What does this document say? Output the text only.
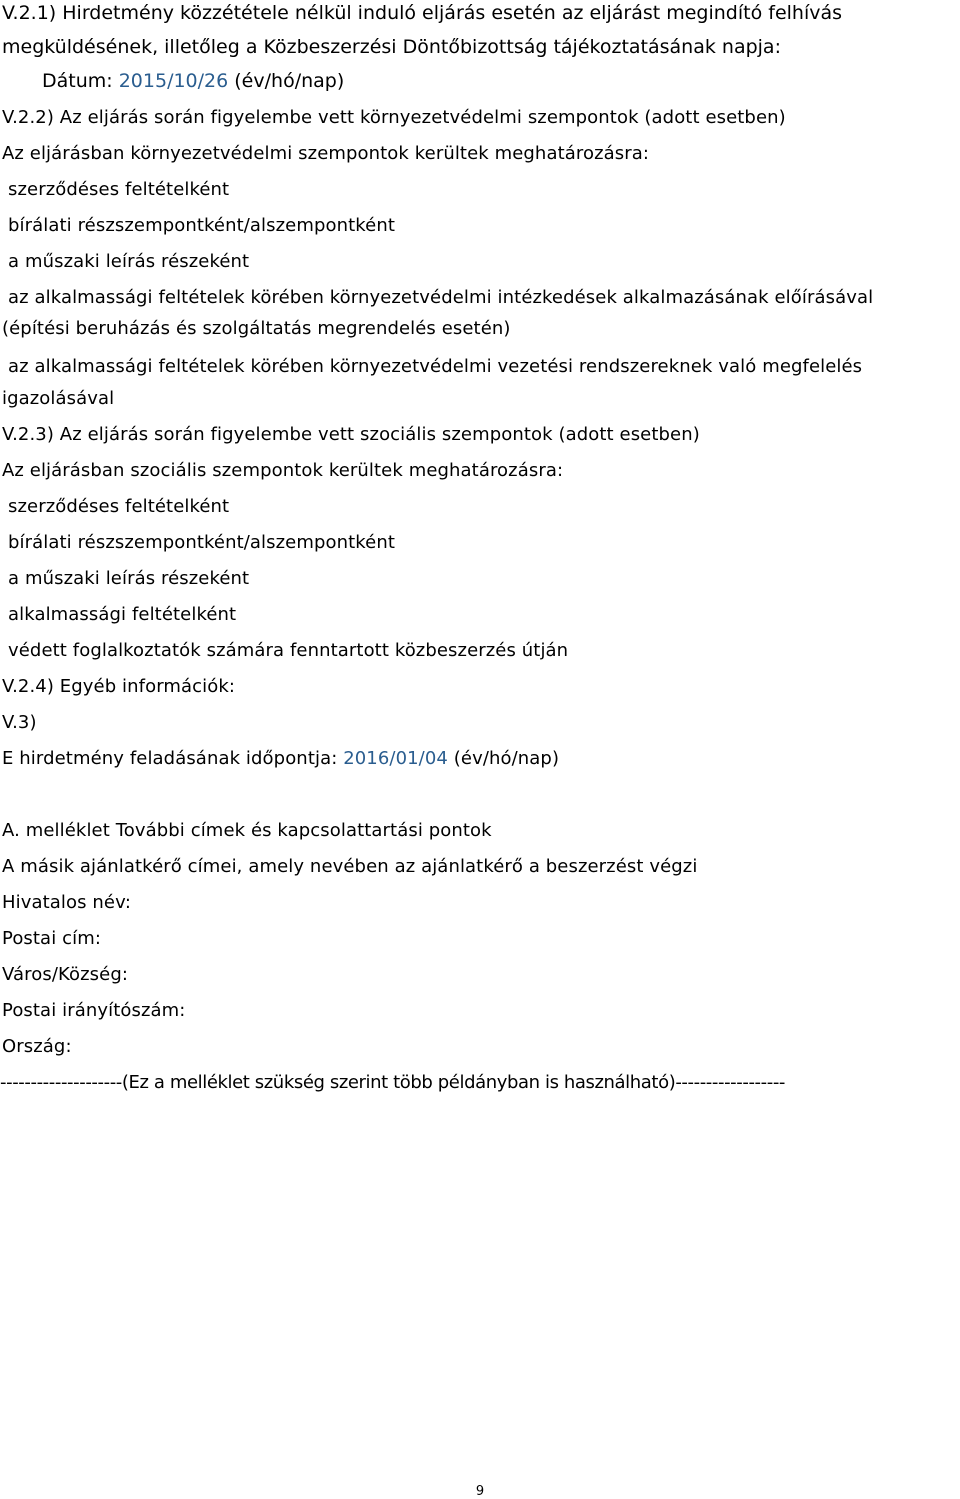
V.2.1) Hirdetmény közzététele nélkül induló eljárás esetén az eljárást megindító felhívás
megküldésének, illetőleg a Közbeszerzési Döntőbizottság tájékoztatásának napja:
Dátum: 2015/10/26 (év/hó/nap)
V.2.2) Az eljárás során figyelembe vett környezetvédelmi szempontok (adott esetben)
Az eljárásban környezetvédelmi szempontok kerültek meghatározásra:
szerződéses feltételként
bírálati részszempontként/alszempontként
a műszaki leírás részeként
az alkalmassági feltételek körében környezetvédelmi intézkedések alkalmazásának előírásával
(építési beruházás és szolgáltatás megrendelés esetén)
az alkalmassági feltételek körében környezetvédelmi vezetési rendszereknek való megfelelés
igazolásával
V.2.3) Az eljárás során figyelembe vett szociális szempontok (adott esetben)
Az eljárásban szociális szempontok kerültek meghatározásra:
szerződéses feltételként
bírálati részszempontként/alszempontként
a műszaki leírás részeként
alkalmassági feltételként
védett foglalkoztatók számára fenntartott közbeszerzés útján
V.2.4) Egyéb információk:
V.3)
E hirdetmény feladásának időpontja: 2016/01/04 (év/hó/nap)
A. melléklet További címek és kapcsolattartási pontok
A másik ajánlatkérő címei, amely nevében az ajánlatkérő a beszerzést végzi
Hivatalos név:
Postai cím:
Város/Község:
Postai irányítószám:
Ország:
--------------------(Ez a melléklet szükség szerint több példányban is használható)------------------
9
